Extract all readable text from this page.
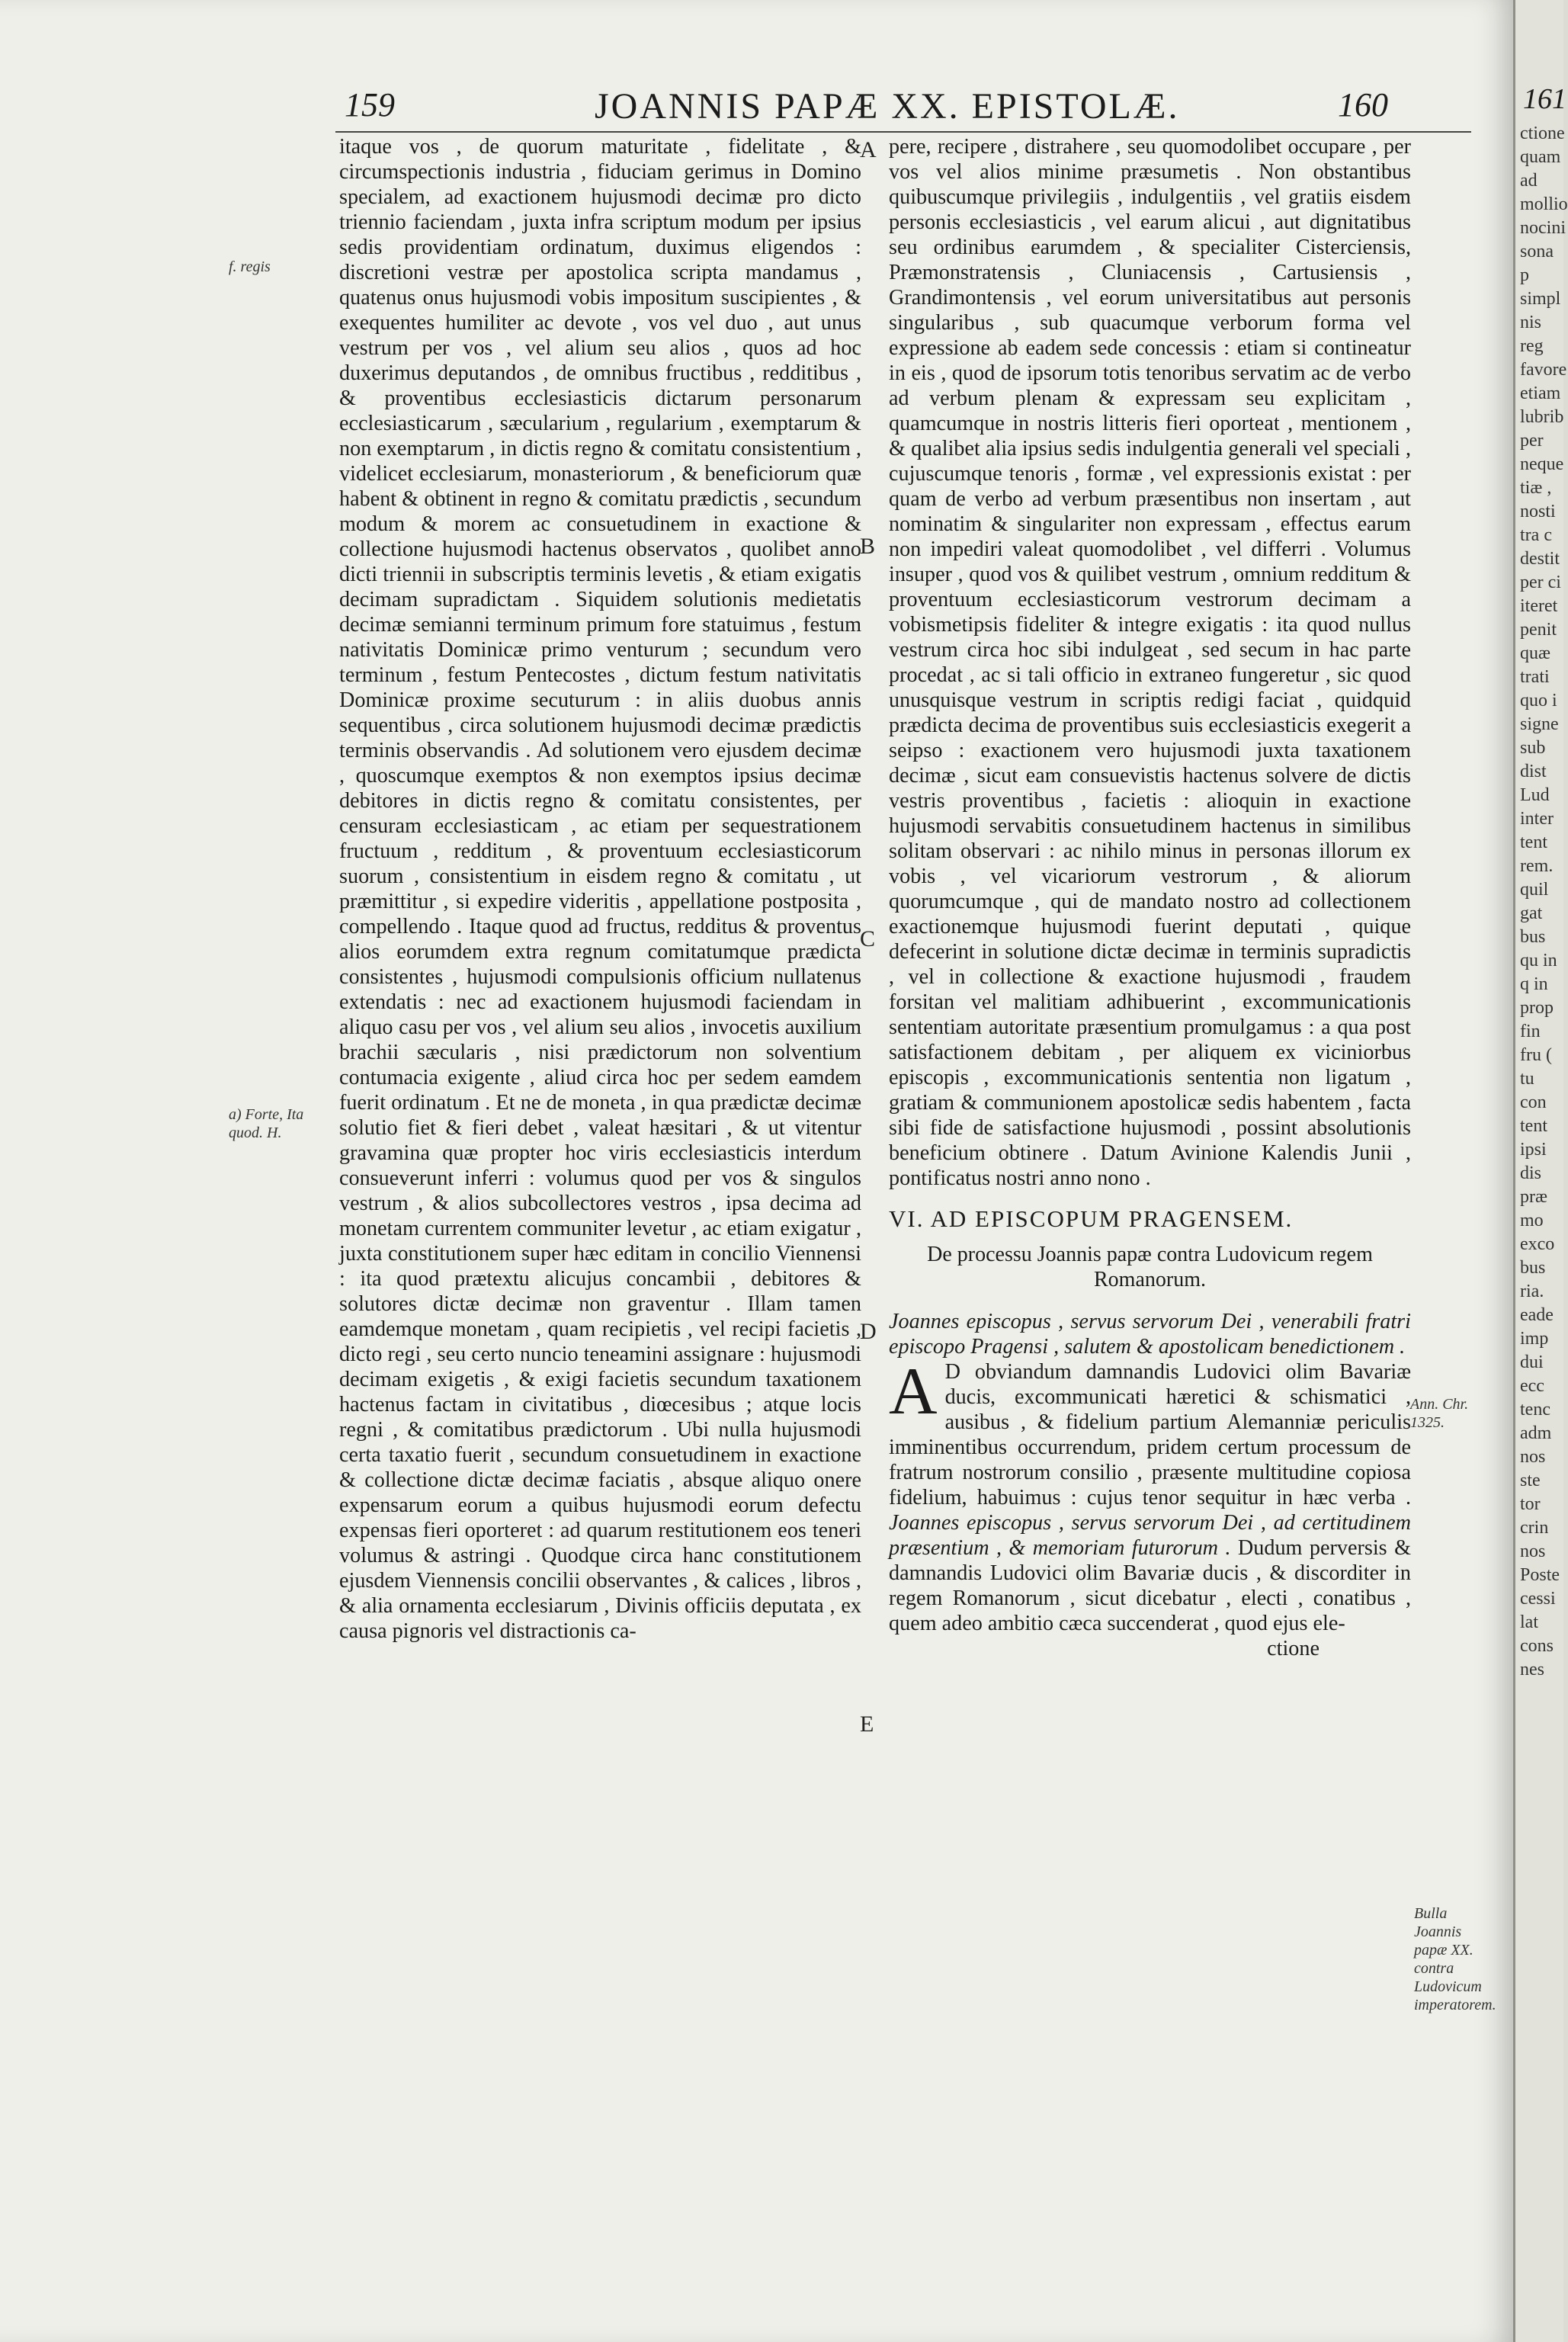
159	JOANNIS PAPÆ XX. EPISTOLÆ.	160
f. regis
a) Forte, Ita quod. H.
Ann. Chr. 1325.
Bulla Joannis papæ XX. contra Ludovicum imperatorem.
A
B
C
D
E

itaque vos , de quorum maturitate , fidelitate , & circumspectionis industria , fiduciam gerimus in Domino specialem, ad exactionem hujusmodi decimæ pro dicto triennio faciendam , juxta infra scriptum modum per ipsius sedis providentiam ordinatum, duximus eligendos : discretioni vestræ per apostolica scripta mandamus , quatenus onus hujusmodi vobis impositum suscipientes , & exequentes humiliter ac devote , vos vel duo , aut unus vestrum per vos , vel alium seu alios , quos ad hoc duxerimus deputandos , de omnibus fructibus , redditibus , & proventibus ecclesiasticis dictarum personarum ecclesiasticarum , sæcularium , regularium , exemptarum & non exemptarum , in dictis regno & comitatu consistentium , videlicet ecclesiarum, monasteriorum , & beneficiorum quæ habent & obtinent in regno & comitatu prædictis , secundum modum & morem ac consuetudinem in exactione & collectione hujusmodi hactenus observatos , quolibet anno dicti triennii in subscriptis terminis levetis , & etiam exigatis decimam supradictam . Siquidem solutionis medietatis decimæ semianni terminum primum fore statuimus , festum nativitatis Dominicæ primo venturum ; secundum vero terminum , festum Pentecostes , dictum festum nativitatis Dominicæ proxime secuturum : in aliis duobus annis sequentibus , circa solutionem hujusmodi decimæ prædictis terminis observandis . Ad solutionem vero ejusdem decimæ , quoscumque exemptos & non exemptos ipsius decimæ debitores in dictis regno & comitatu consistentes, per censuram ecclesiasticam , ac etiam per sequestrationem fructuum , redditum , & proventuum ecclesiasticorum suorum , consistentium in eisdem regno & comitatu , ut præmittitur , si expedire videritis , appellatione postposita , compellendo . Itaque quod ad fructus, redditus & proventus alios eorumdem extra regnum comitatumque prædicta consistentes , hujusmodi compulsionis officium nullatenus extendatis : nec ad exactionem hujusmodi faciendam in aliquo casu per vos , vel alium seu alios , invocetis auxilium brachii sæcularis , nisi prædictorum non solventium contumacia exigente , aliud circa hoc per sedem eamdem fuerit ordinatum . Et ne de moneta , in qua prædictæ decimæ solutio fiet & fieri debet , valeat hæsitari , & ut vitentur gravamina quæ propter hoc viris ecclesiasticis interdum consueverunt inferri : volumus quod per vos & singulos vestrum , & alios subcollectores vestros , ipsa decima ad monetam currentem communiter levetur , ac etiam exigatur , juxta constitutionem super hæc editam in concilio Viennensi : ita quod prætextu alicujus concambii , debitores & solutores dictæ decimæ non graventur . Illam tamen eamdemque monetam , quam recipietis , vel recipi facietis , dicto regi , seu certo nuncio teneamini assignare : hujusmodi decimam exigetis , & exigi facietis secundum taxationem hactenus factam in civitatibus , diœcesibus ; atque locis regni , & comitatibus prædictorum . Ubi nulla hujusmodi certa taxatio fuerit , secundum consuetudinem in exactione & collectione dictæ decimæ faciatis , absque aliquo onere expensarum eorum a quibus hujusmodi eorum defectu expensas fieri oporteret : ad quarum restitutionem eos teneri volumus & astringi . Quodque circa hanc constitutionem ejusdem Viennensis concilii observantes , & calices , libros , & alia ornamenta ecclesiarum , Divinis officiis deputata , ex causa pignoris vel distractionis ca-

pere, recipere , distrahere , seu quomodolibet occupare , per vos vel alios minime præsumetis . Non obstantibus quibuscumque privilegiis , indulgentiis , vel gratiis eisdem personis ecclesiasticis , vel earum alicui , aut dignitatibus seu ordinibus earumdem , & specialiter Cisterciensis, Præmonstratensis , Cluniacensis , Cartusiensis , Grandimontensis , vel eorum universitatibus aut personis singularibus , sub quacumque verborum forma vel expressione ab eadem sede concessis : etiam si contineatur in eis , quod de ipsorum totis tenoribus servatim ac de verbo ad verbum plenam & expressam seu explicitam , quamcumque in nostris litteris fieri oporteat , mentionem , & qualibet alia ipsius sedis indulgentia generali vel speciali , cujuscumque tenoris , formæ , vel expressionis existat : per quam de verbo ad verbum præsentibus non insertam , aut nominatim & singulariter non expressam , effectus earum non impediri valeat quomodolibet , vel differri . Volumus insuper , quod vos & quilibet vestrum , omnium redditum & proventuum ecclesiasticorum vestrorum decimam a vobismetipsis fideliter & integre exigatis : ita quod nullus vestrum circa hoc sibi indulgeat , sed secum in hac parte procedat , ac si tali officio in extraneo fungeretur , sic quod unusquisque vestrum in scriptis redigi faciat , quidquid prædicta decima de proventibus suis ecclesiasticis exegerit a seipso : exactionem vero hujusmodi juxta taxationem decimæ , sicut eam consuevistis hactenus solvere de dictis vestris proventibus , facietis : alioquin in exactione hujusmodi servabitis consuetudinem hactenus in similibus solitam observari : ac nihilo minus in personas illorum ex vobis , vel vicariorum vestrorum , & aliorum quorumcumque , qui de mandato nostro ad collectionem exactionemque hujusmodi fuerint deputati , quique defecerint in solutione dictæ decimæ in terminis supradictis , vel in collectione & exactione hujusmodi , fraudem forsitan vel malitiam adhibuerint , excommunicationis sententiam autoritate præsentium promulgamus : a qua post satisfactionem debitam , per aliquem ex viciniorbus episcopis , excommunicationis sententia non ligatum , gratiam & communionem apostolicæ sedis habentem , facta sibi fide de satisfactione hujusmodi , possint absolutionis beneficium obtinere . Datum Avinione Kalendis Junii , pontificatus nostri anno nono .

VI. AD EPISCOPUM PRAGENSEM.
De processu Joannis papæ contra Ludovicum regem Romanorum.

Joannes episcopus , servus servorum Dei , venerabili fratri episcopo Pragensi , salutem & apostolicam benedictionem .

A D obviandum damnandis Ludovici olim Bavariæ ducis, excommunicati hæretici & schismatici , ausibus , & fidelium partium Alemanniæ periculis imminentibus occurrendum, pridem certum processum de fratrum nostrorum consilio , præsente multitudine copiosa fidelium, habuimus : cujus tenor sequitur in hæc verba . Joannes episcopus , servus servorum Dei , ad certitudinem præsentium , & memoriam futurorum . Dudum perversis & damnandis Ludovici olim Bavariæ ducis , & discorditer in regem Romanorum , sicut dicebatur , electi , conatibus , quem adeo ambitio cæca succenderat , quod ejus ele-

ctione
161
ctione quam ad mollio nocini sona p simpl nis reg favore etiam lubrib per neque tiæ , nosti tra c destit per ci iteret penit quæ trati quo i signe sub dist Lud inter tent rem. quil gat bus qu in q in prop fin fru ( tu con tent ipsi dis præ mo exco bus ria. eade imp dui ecc tenc adm nos ste tor crin nos Poste cessi lat cons nes
